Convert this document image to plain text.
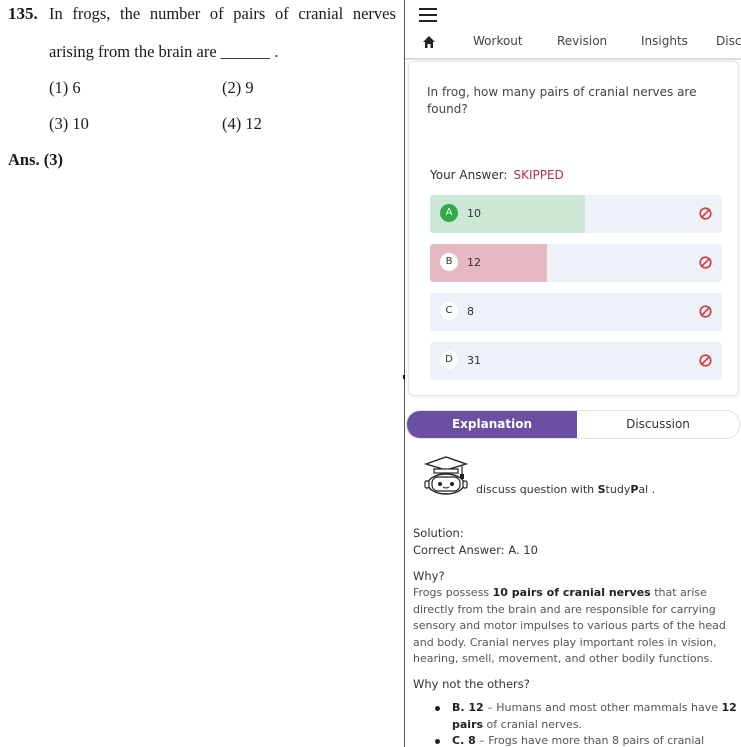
135. In frogs, the number of pairs of cranial nerves
arising from the brain are ______ .
(1) 6	(2) 9
(3) 10	(4) 12
Ans. (3)
Workout	Revision	Insights Disc
In frog, how many pairs of cranial nerves are found?
Your Answer: SKIPPED
A	10
B	12
C	8
D	31
Explanation	Discussion
discuss question with StudyPal .
Solution:
Correct Answer: A. 10
Why?
Frogs possess 10 pairs of cranial nerves that arise directly from the brain and are responsible for carrying sensory and motor impulses to various parts of the head and body. Cranial nerves play important roles in vision, hearing, smell, movement, and other bodily functions.
Why not the others?
B. 12 – Humans and most other mammals have 12 pairs of cranial nerves.
C. 8 – Frogs have more than 8 pairs of cranial
